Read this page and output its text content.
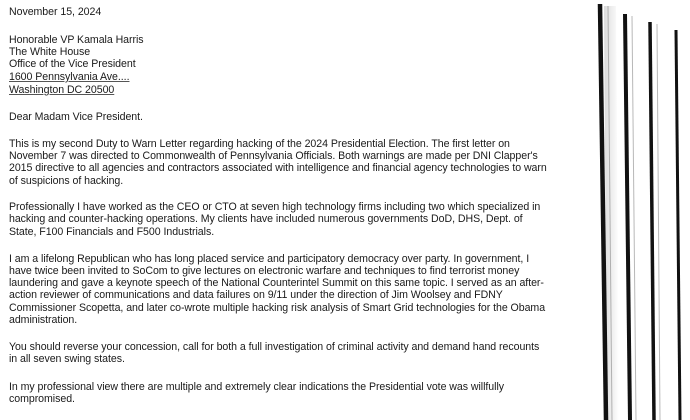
November 15, 2024
Honorable VP Kamala Harris
The White House
Office of the Vice President
1600 Pennsylvania Ave....
Washington DC 20500
Dear Madam Vice President.
This is my second Duty to Warn Letter regarding hacking of the 2024 Presidential Election. The first letter on
November 7 was directed to Commonwealth of Pennsylvania Officials. Both warnings are made per DNI Clapper's
2015 directive to all agencies and contractors associated with intelligence and financial agency technologies to warn
of suspicions of hacking.
Professionally I have worked as the CEO or CTO at seven high technology firms including two which specialized in
hacking and counter-hacking operations. My clients have included numerous governments DoD, DHS, Dept. of
State, F100 Financials and F500 Industrials.
I am a lifelong Republican who has long placed service and participatory democracy over party. In government, I
have twice been invited to SoCom to give lectures on electronic warfare and techniques to find terrorist money
laundering and gave a keynote speech of the National Counterintel Summit on this same topic. I served as an after-
action reviewer of communications and data failures on 9/11 under the direction of Jim Woolsey and FDNY
Commissioner Scopetta, and later co-wrote multiple hacking risk analysis of Smart Grid technologies for the Obama
administration.
You should reverse your concession, call for both a full investigation of criminal activity and demand hand recounts
in all seven swing states.
In my professional view there are multiple and extremely clear indications the Presidential vote was willfully
compromised.
